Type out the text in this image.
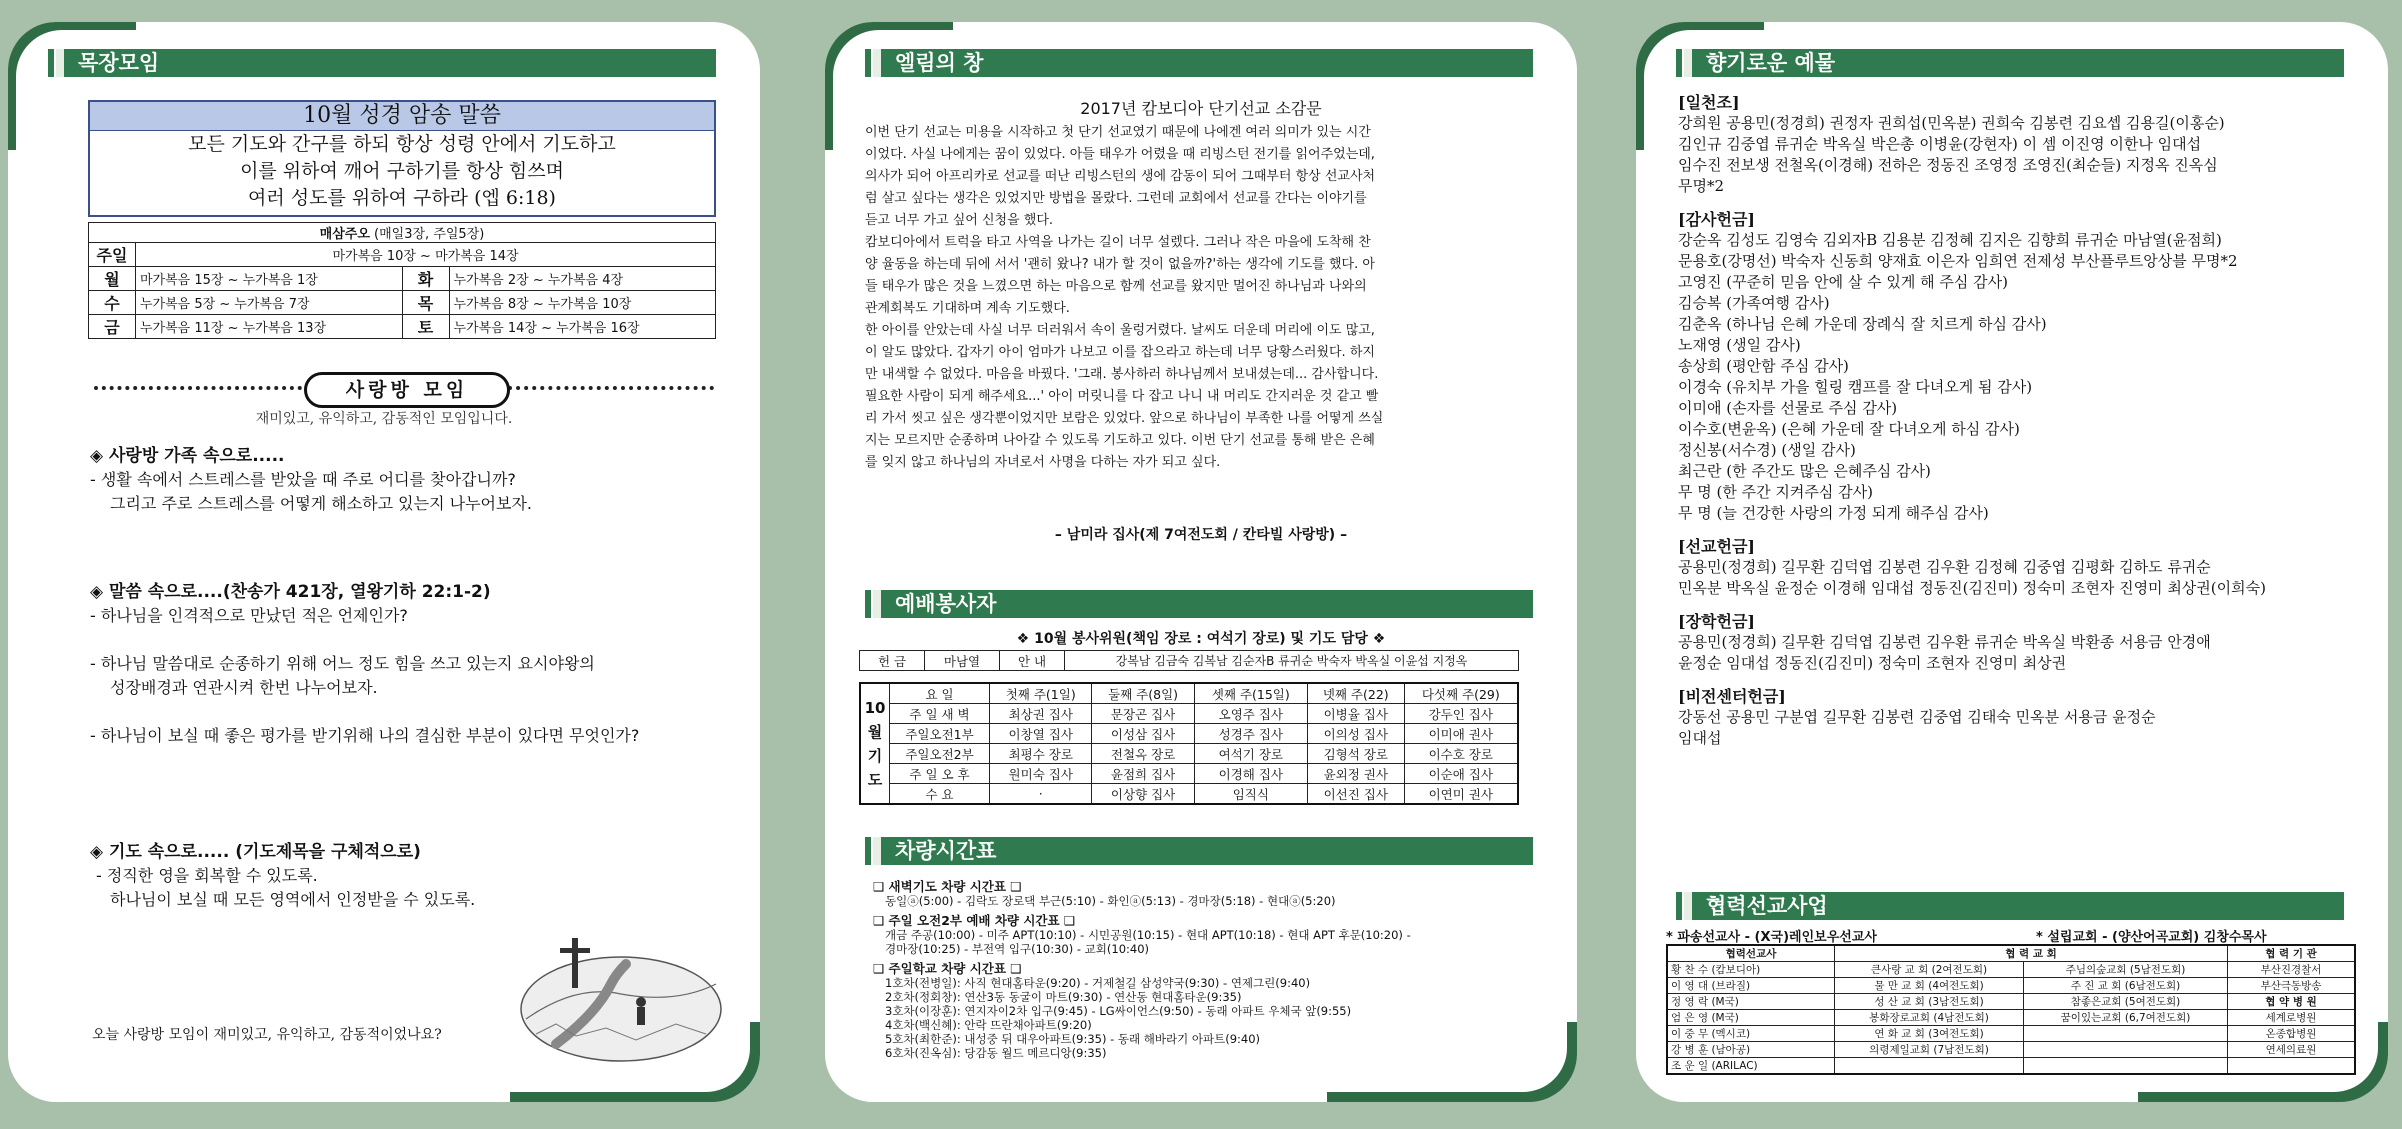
목장모임
10월 성경 암송 말씀
모든 기도와 간구를 하되 항상 성령 안에서 기도하고
이를 위하여 깨어 구하기를 항상 힘쓰며
여러 성도를 위하여 구하라 (엡 6:18)
매삼주오 (매일3장, 주일5장)			
주일	마가복음 10장 ~ 마가복음 14장		
월	마가복음 15장 ~ 누가복음 1장	화	누가복음 2장 ~ 누가복음 4장
수	누가복음 5장 ~ 누가복음 7장	목	누가복음 8장 ~ 누가복음 10장
금	누가복음 11장 ~ 누가복음 13장	토	누가복음 14장 ~ 누가복음 16장
사랑방 모임
재미있고, 유익하고, 감동적인 모임입니다.
◈ 사랑방 가족 속으로.....
- 생활 속에서 스트레스를 받았을 때 주로 어디를 찾아갑니까?
그리고 주로 스트레스를 어떻게 해소하고 있는지 나누어보자.
◈ 말씀 속으로....(찬송가 421장, 열왕기하 22:1-2)
- 하나님을 인격적으로 만났던 적은 언제인가?

- 하나님 말씀대로 순종하기 위해 어느 정도 힘을 쓰고 있는지 요시야왕의
성장배경과 연관시켜 한번 나누어보자.

- 하나님이 보실 때 좋은 평가를 받기위해 나의 결심한 부분이 있다면 무엇인가?
◈ 기도 속으로..... (기도제목을 구체적으로)
- 정직한 영을 회복할 수 있도록.
하나님이 보실 때 모든 영역에서 인정받을 수 있도록.
오늘 사랑방 모임이 재미있고, 유익하고, 감동적이었나요?
엘림의 창
2017년 캄보디아 단기선교 소감문
이번 단기 선교는 미용을 시작하고 첫 단기 선교였기 때문에 나에겐 여러 의미가 있는 시간
이었다. 사실 나에게는 꿈이 있었다. 아들 태우가 어렸을 때 리빙스턴 전기를 읽어주었는데,
의사가 되어 아프리카로 선교를 떠난 리빙스턴의 생에 감동이 되어 그때부터 항상 선교사처
럼 살고 싶다는 생각은 있었지만 방법을 몰랐다. 그런데 교회에서 선교를 간다는 이야기를
듣고 너무 가고 싶어 신청을 했다.
캄보디아에서 트럭을 타고 사역을 나가는 길이 너무 설렜다. 그러나 작은 마을에 도착해 찬
양 율동을 하는데 뒤에 서서 '괜히 왔나? 내가 할 것이 없을까?'하는 생각에 기도를 했다. 아
들 태우가 많은 것을 느꼈으면 하는 마음으로 함께 선교를 왔지만 멀어진 하나님과 나와의
관계회복도 기대하며 계속 기도했다.
한 아이를 안았는데 사실 너무 더러워서 속이 울렁거렸다. 날씨도 더운데 머리에 이도 많고,
이 알도 많았다. 갑자기 아이 엄마가 나보고 이를 잡으라고 하는데 너무 당황스러웠다. 하지
만 내색할 수 없었다. 마음을 바꿨다. '그래. 봉사하러 하나님께서 보내셨는데... 감사합니다.
필요한 사람이 되게 해주세요...' 아이 머릿니를 다 잡고 나니 내 머리도 간지러운 것 같고 빨
리 가서 씻고 싶은 생각뿐이었지만 보람은 있었다. 앞으로 하나님이 부족한 나를 어떻게 쓰실
지는 모르지만 순종하며 나아갈 수 있도록 기도하고 있다. 이번 단기 선교를 통해 받은 은혜
를 잊지 않고 하나님의 자녀로서 사명을 다하는 자가 되고 싶다.
– 남미라 집사(제 7여전도회 / 칸타빌 사랑방) –
예배봉사자
❖ 10월 봉사위원(책임 장로 : 여석기 장로) 및 기도 담당 ❖
헌 금	마남열	안 내	강복남 김금숙 김복남 김순자B 류귀순 박숙자 박옥실 이윤섭 지정옥
10
월
기
도	요 일	첫째 주(1일)	둘째 주(8일)	셋째 주(15일)	넷째 주(22)	다섯째 주(29)
	주 일 새 벽	최상권 집사	문장곤 집사	오영주 집사	이병율 집사	강두인 집사
	주일오전1부	이창열 집사	이성삼 집사	성경주 집사	이의성 집사	이미애 권사
	주일오전2부	최평수 장로	전철옥 장로	여석기 장로	김형석 장로	이수호 장로
	주 일 오 후	원미숙 집사	윤점희 집사	이경해 집사	윤외정 권사	이순애 집사
	수 요	·	이상향 집사	임직식	이선진 집사	이연미 권사
차량시간표
❑ 새벽기도 차량 시간표 ❑
동일ⓐ(5:00) - 김락도 장로댁 부근(5:10) - 화인ⓐ(5:13) - 경마장(5:18) - 현대ⓐ(5:20)

❑ 주일 오전2부 예배 차량 시간표 ❑
개금 주공(10:00) - 미주 APT(10:10) - 시민공원(10:15) - 현대 APT(10:18) - 현대 APT 후문(10:20) -
경마장(10:25) - 부전역 입구(10:30) - 교회(10:40)

❑ 주일학교 차량 시간표 ❑
1호차(전병일): 사직 현대홈타운(9:20) - 거제철길 삼성약국(9:30) - 연제그린(9:40)
2호차(정회창): 연산3동 동굴이 마트(9:30) - 연산동 현대홈타운(9:35)
3호차(이장훈): 연지자이2차 입구(9:45) - LG싸이언스(9:50) - 동래 아파트 우체국 앞(9:55)
4호차(백신혜): 안락 뜨란채아파트(9:20)
5호차(최한준): 내성중 뒤 대우아파트(9:35) - 동래 해바라기 아파트(9:40)
6호차(진옥심): 당감동 월드 메르디앙(9:35)
향기로운 예물
[일천조]
강희원 공용민(정경희) 권정자 권희섭(민옥분) 권희숙 김봉련 김요셉 김용길(이홍순)
김인규 김중엽 류귀순 박옥실 박은총 이병윤(강현자) 이 셈 이진영 이한나 임대섭
임수진 전보생 전철옥(이경해) 전하은 정동진 조영정 조영진(최순들) 지정옥 진옥심
무명*2
[감사헌금]
강순옥 김성도 김영숙 김외자B 김용분 김정혜 김지은 김향희 류귀순 마남열(윤점희)
문용호(강명선) 박숙자 신동희 양재효 이은자 임희연 전제성 부산플루트앙상블 무명*2
고영진 (꾸준히 믿음 안에 살 수 있게 해 주심 감사)
김승복 (가족여행 감사)
김춘옥 (하나님 은혜 가운데 장례식 잘 치르게 하심 감사)
노재영 (생일 감사)
송상희 (평안함 주심 감사)
이경숙 (유치부 가을 힐링 캠프를 잘 다녀오게 됨 감사)
이미애 (손자를 선물로 주심 감사)
이수호(변윤옥) (은혜 가운데 잘 다녀오게 하심 감사)
정신봉(서수경) (생일 감사)
최근란 (한 주간도 많은 은혜주심 감사)
무 명 (한 주간 지켜주심 감사)
무 명 (늘 건강한 사랑의 가정 되게 해주심 감사)
[선교헌금]
공용민(정경희) 길무환 김덕엽 김봉련 김우환 김정혜 김중엽 김평화 김하도 류귀순
민옥분 박옥실 윤정순 이경해 임대섭 정동진(김진미) 정숙미 조현자 진영미 최상권(이희숙)
[장학헌금]
공용민(정경희) 길무환 김덕엽 김봉련 김우환 류귀순 박옥실 박환종 서용금 안경애
윤정순 임대섭 정동진(김진미) 정숙미 조현자 진영미 최상권
[비전센터헌금]
강동선 공용민 구분엽 길무환 김봉련 김중엽 김태숙 민옥분 서용금 윤정순
임대섭
협력선교사업
* 파송선교사 - (X국)레인보우선교사	* 설립교회 - (양산어곡교회) 김창수목사
협력선교사	협 력 교 회		협 력 기 관
황 찬 수 (캄보디아)	큰사랑 교 회 (2여전도회)	주님의숲교회 (5남전도회)	부산진경찰서
이 영 대 (브라질)	물 만 교 회 (4여전도회)	주 진 교 회 (6남전도회)	부산극동방송
정 영 락 (M국)	성 산 교 회 (3남전도회)	참좋은교회 (5여전도회)	협 약 병 원
엄 은 영 (M국)	봉화장로교회 (4남전도회)	꿈이있는교회 (6,7여전도회)	세계로병원
이 중 무 (멕시코)	연 화 교 회 (3여전도회)		온종합병원
강 병 훈 (남아공)	의령제일교회 (7남전도회)		연세의료원
조 운 일 (ARILAC)			
